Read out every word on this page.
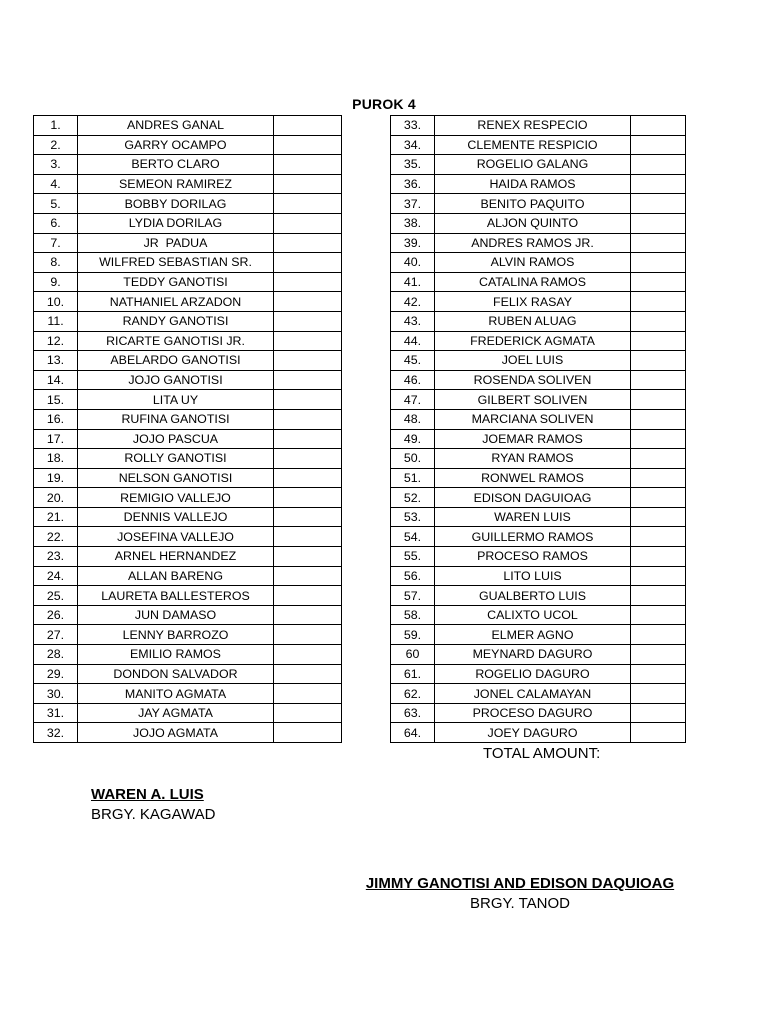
PUROK 4
1.	ANDRES GANAL	
2.	GARRY OCAMPO	
3.	BERTO CLARO	
4.	SEMEON RAMIREZ	
5.	BOBBY DORILAG	
6.	LYDIA DORILAG	
7.	JR  PADUA	
8.	WILFRED SEBASTIAN SR.	
9.	TEDDY GANOTISI	
10.	NATHANIEL ARZADON	
11.	RANDY GANOTISI	
12.	RICARTE GANOTISI JR.	
13.	ABELARDO GANOTISI	
14.	JOJO GANOTISI	
15.	LITA UY	
16.	RUFINA GANOTISI	
17.	JOJO PASCUA	
18.	ROLLY GANOTISI	
19.	NELSON GANOTISI	
20.	REMIGIO VALLEJO	
21.	DENNIS VALLEJO	
22.	JOSEFINA VALLEJO	
23.	ARNEL HERNANDEZ	
24.	ALLAN BARENG	
25.	LAURETA BALLESTEROS	
26.	JUN DAMASO	
27.	LENNY BARROZO	
28.	EMILIO RAMOS	
29.	DONDON SALVADOR	
30.	MANITO AGMATA	
31.	JAY AGMATA	
32.	JOJO AGMATA	
33.	RENEX RESPECIO	
34.	CLEMENTE RESPICIO	
35.	ROGELIO GALANG	
36.	HAIDA RAMOS	
37.	BENITO PAQUITO	
38.	ALJON QUINTO	
39.	ANDRES RAMOS JR.	
40.	ALVIN RAMOS	
41.	CATALINA RAMOS	
42.	FELIX RASAY	
43.	RUBEN ALUAG	
44.	FREDERICK AGMATA	
45.	JOEL LUIS	
46.	ROSENDA SOLIVEN	
47.	GILBERT SOLIVEN	
48.	MARCIANA SOLIVEN	
49.	JOEMAR RAMOS	
50.	RYAN RAMOS	
51.	RONWEL RAMOS	
52.	EDISON DAGUIOAG	
53.	WAREN LUIS	
54.	GUILLERMO RAMOS	
55.	PROCESO RAMOS	
56.	LITO LUIS	
57.	GUALBERTO LUIS	
58.	CALIXTO UCOL	
59.	ELMER AGNO	
60	MEYNARD DAGURO	
61.	ROGELIO DAGURO	
62.	JONEL CALAMAYAN	
63.	PROCESO DAGURO	
64.	JOEY DAGURO	
TOTAL AMOUNT:
WAREN A. LUIS
BRGY. KAGAWAD
JIMMY GANOTISI AND EDISON DAQUIOAG
BRGY. TANOD
